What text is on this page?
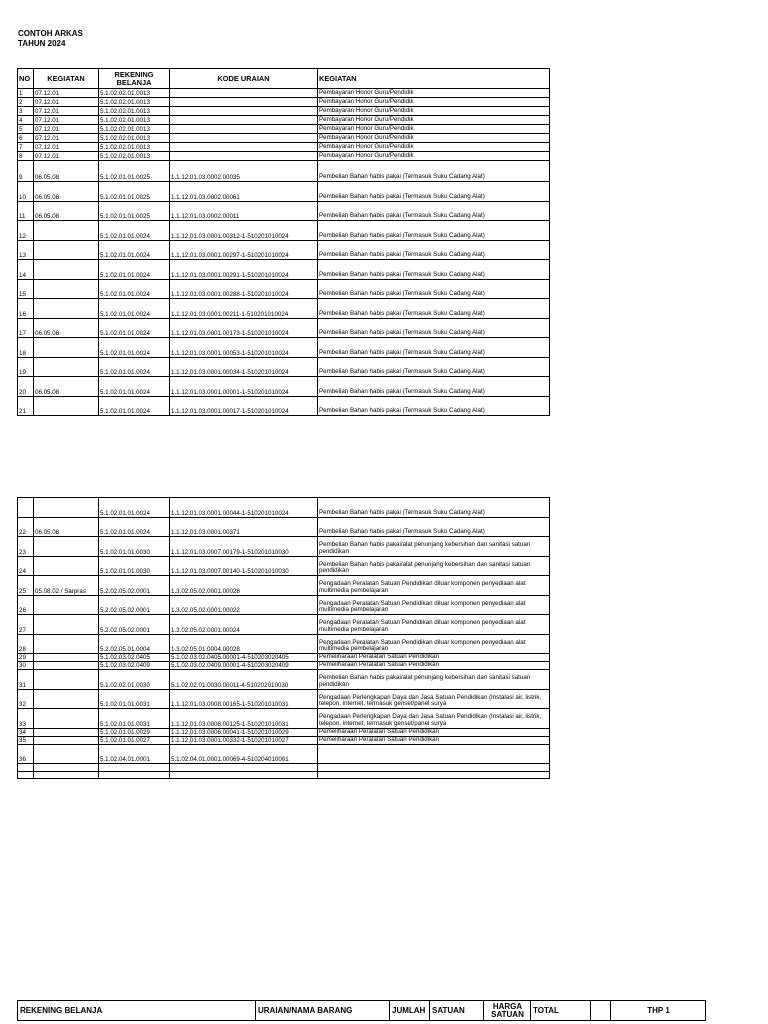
CONTOH ARKAS
TAHUN 2024
NO	KEGIATAN	REKENING BELANJA	KODE URAIAN	KEGIATAN
1	07.12.01	5.1.02.02.01.0013		Pembayaran Honor Guru/Pendidik
2	07.12.01	5.1.02.02.01.0013		Pembayaran Honor Guru/Pendidik
3	07.12.01	5.1.02.02.01.0013		Pembayaran Honor Guru/Pendidik
4	07.12.01	5.1.02.02.01.0013		Pembayaran Honor Guru/Pendidik
5	07.12.01	5.1.02.02.01.0013		Pembayaran Honor Guru/Pendidik
6	07.12.01	5.1.02.02.01.0013		Pembayaran Honor Guru/Pendidik
7	07.12.01	5.1.02.02.01.0013		Pembayaran Honor Guru/Pendidik
8	07.12.01	5.1.02.02.01.0013		Pembayaran Honor Guru/Pendidik
9	06.05.08	5.1.02.01.01.0025	1.1.12.01.03.0002.00035	Pembelian Bahan habis pakai (Termasuk Suku Cadang Alat)
10	06.05.08	5.1.02.01.01.0025	1.1.12.01.03.0002.00061	Pembelian Bahan habis pakai (Termasuk Suku Cadang Alat)
11	06.05.08	5.1.02.01.01.0025	1.1.12.01.03.0002.00011	Pembelian Bahan habis pakai (Termasuk Suku Cadang Alat)
12		5.1.02.01.01.0024	1.1.12.01.03.0001.00312-1-510201010024	Pembelian Bahan habis pakai (Termasuk Suku Cadang Alat)
13		5.1.02.01.01.0024	1.1.12.01.03.0001.00297-1-510201010024	Pembelian Bahan habis pakai (Termasuk Suku Cadang Alat)
14		5.1.02.01.01.0024	1.1.12.01.03.0001.00291-1-510201010024	Pembelian Bahan habis pakai (Termasuk Suku Cadang Alat)
15		5.1.02.01.01.0024	1.1.12.01.03.0001.00288-1-510201010024	Pembelian Bahan habis pakai (Termasuk Suku Cadang Alat)
16		5.1.02.01.01.0024	1.1.12.01.03.0001.00211-1-510201010024	Pembelian Bahan habis pakai (Termasuk Suku Cadang Alat)
17	06.05.08	5.1.02.01.01.0024	1.1.12.01.03.0001.00173-1-510201010024	Pembelian Bahan habis pakai (Termasuk Suku Cadang Alat)
18		5.1.02.01.01.0024	1.1.12.01.03.0001.00053-1-510201010024	Pembelian Bahan habis pakai (Termasuk Suku Cadang Alat)
19		5.1.02.01.01.0024	1.1.12.01.03.0001.00034-1-510201010024	Pembelian Bahan habis pakai (Termasuk Suku Cadang Alat)
20	06.05.08	5.1.02.01.01.0024	1.1.12.01.03.0001.00001-1-510201010024	Pembelian Bahan habis pakai (Termasuk Suku Cadang Alat)
21		5.1.02.01.01.0024	1.1.12.01.03.0001.00017-1-510201010024	Pembelian Bahan habis pakai (Termasuk Suku Cadang Alat)
		5.1.02.01.01.0024	1.1.12.01.03.0001.00044-1-510201010024	Pembelian Bahan habis pakai (Termasuk Suku Cadang Alat)
22	06.05.08	5.1.02.01.01.0024	1.1.12.01.03.0001.00371	Pembelian Bahan habis pakai (Termasuk Suku Cadang Alat)
23		5.1.02.01.01.0030	1.1.12.01.03.0007.00179-1-510201010030	Pembelian Bahan habis pakai/alat penunjang kebersihan dan sanitasi satuan pendidikan
24		5.1.02.01.01.0030	1.1.12.01.03.0007.00140-1-510201010030	Pembelian Bahan habis pakai/alat penunjang kebersihan dan sanitasi satuan pendidikan
25	05.08.02 / Sarpras	5.2.02.05.02.0001	1.3.02.05.02.0001.00028	Pengadaan Peralatan Satuan Pendidikan diluar komponen penyediaan alat multimedia pembelajaran
26		5.2.02.05.02.0001	1.3.02.05.02.0001.00022	Pengadaan Peralatan Satuan Pendidikan diluar komponen penyediaan alat multimedia pembelajaran
27		5.2.02.05.02.0001	1.3.02.05.02.0001.00024	Pengadaan Peralatan Satuan Pendidikan diluar komponen penyediaan alat multimedia pembelajaran
28		5.2.02.05.01.0004	1.3.02.05.01.0004.00028	Pengadaan Peralatan Satuan Pendidikan diluar komponen penyediaan alat multimedia pembelajaran
29		5.1.02.03.02.0405	5.1.02.03.02.0405.00001-4-510203020405	Pemeliharaan Peralatan Satuan Pendidikan
30		5.1.02.03.02.0409	5.1.02.03.02.0409.00001-4-510203020409	Pemeliharaan Peralatan Satuan Pendidikan
31		5.1.02.02.01.0030	5.1.02.02.01.0030.00011-4-510202010030	Pembelian Bahan habis pakai/alat penunjang kebersihan dan sanitasi satuan pendidikan
32		5.1.02.01.01.0031	1.1.12.01.03.0008.00165-1-510201010031	Pengadaan Perlengkapan Daya dan Jasa Satuan Pendidikan (Instalasi air, listrik, telepon, internet, termasuk genset/panel surya
33		5.1.02.01.01.0031	1.1.12.01.03.0008.00125-1-510201010031	Pengadaan Perlengkapan Daya dan Jasa Satuan Pendidikan (Instalasi air, listrik, telepon, internet, termasuk genset/panel surya
34		5.1.02.01.01.0029	1.1.12.01.03.0006.00041-1-510201010029	Pemeliharaan Peralatan Satuan Pendidikan
35		5.1.02.01.01.0027	1.1.12.01.03.0001.00332-1-510201010027	Pemeliharaan Peralatan Satuan Pendidikan
36		5.1.02.04.01.0001	5.1.02.04.01.0001.00069-4-510204010001	

REKENING BELANJA	URAIAN/NAMA BARANG	JUMLAH	SATUAN	HARGA SATUAN	TOTAL		THP 1
